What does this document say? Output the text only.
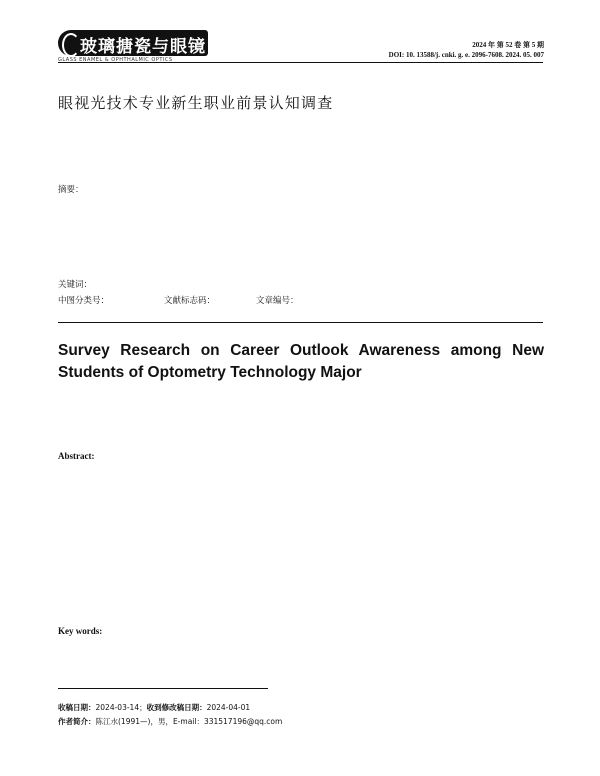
玻璃搪瓷与眼镜
GLASS ENAMEL & OPHTHALMIC OPTICS
2024 年 第 52 卷 第 5 期
DOI: 10. 13588/j. cnki. g. e. 2096-7608. 2024. 05. 007
眼视光技术专业新生职业前景认知调查
摘要：
关键词：
中图分类号：	文献标志码：	文章编号：
Survey Research on Career Outlook Awareness among New Students of Optometry Technology Major
Abstract:
Key words:
收稿日期：2024-03-14；收到修改稿日期：2024-04-01
作者简介：陈江水(1991—)，男，E-mail：331517196@qq.com
